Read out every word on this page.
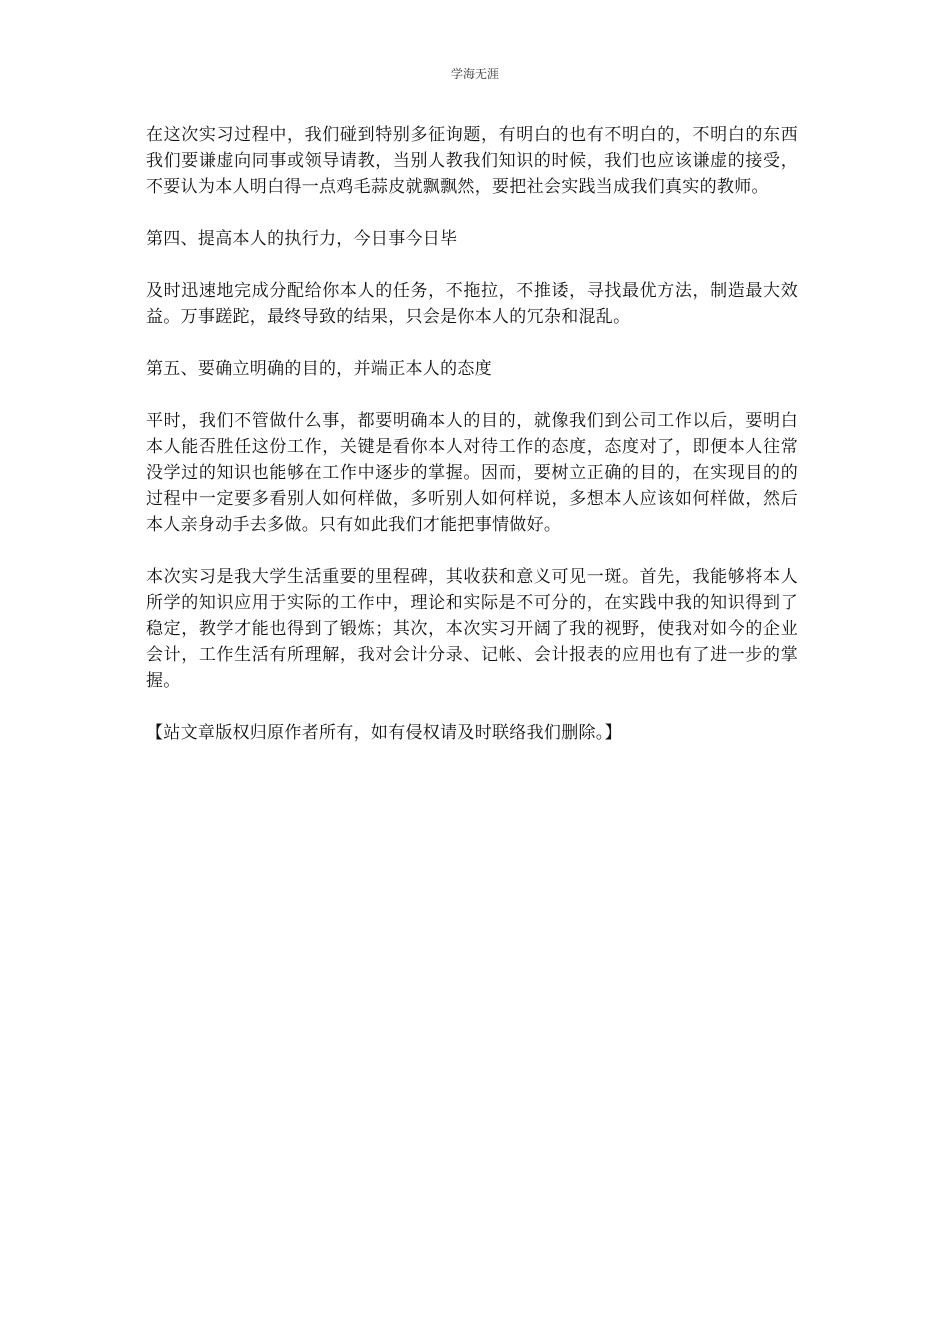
学海无涯

在这次实习过程中，我们碰到特别多征询题，有明白的也有不明白的，不明白的东西我们要谦虚向同事或领导请教，当别人教我们知识的时候，我们也应该谦虚的接受，不要认为本人明白得一点鸡毛蒜皮就飘飘然，要把社会实践当成我们真实的教师。

第四、提高本人的执行力，今日事今日毕

及时迅速地完成分配给你本人的任务，不拖拉，不推诿，寻找最优方法，制造最大效益。万事蹉跎，最终导致的结果，只会是你本人的冗杂和混乱。

第五、要确立明确的目的，并端正本人的态度

平时，我们不管做什么事，都要明确本人的目的，就像我们到公司工作以后，要明白本人能否胜任这份工作，关键是看你本人对待工作的态度，态度对了，即便本人往常没学过的知识也能够在工作中逐步的掌握。因而，要树立正确的目的，在实现目的的过程中一定要多看别人如何样做，多听别人如何样说，多想本人应该如何样做，然后本人亲身动手去多做。只有如此我们才能把事情做好。

本次实习是我大学生活重要的里程碑，其收获和意义可见一斑。首先，我能够将本人所学的知识应用于实际的工作中，理论和实际是不可分的，在实践中我的知识得到了稳定，教学才能也得到了锻炼；其次，本次实习开阔了我的视野，使我对如今的企业会计，工作生活有所理解，我对会计分录、记帐、会计报表的应用也有了进一步的掌握。

【站文章版权归原作者所有，如有侵权请及时联络我们删除。】
